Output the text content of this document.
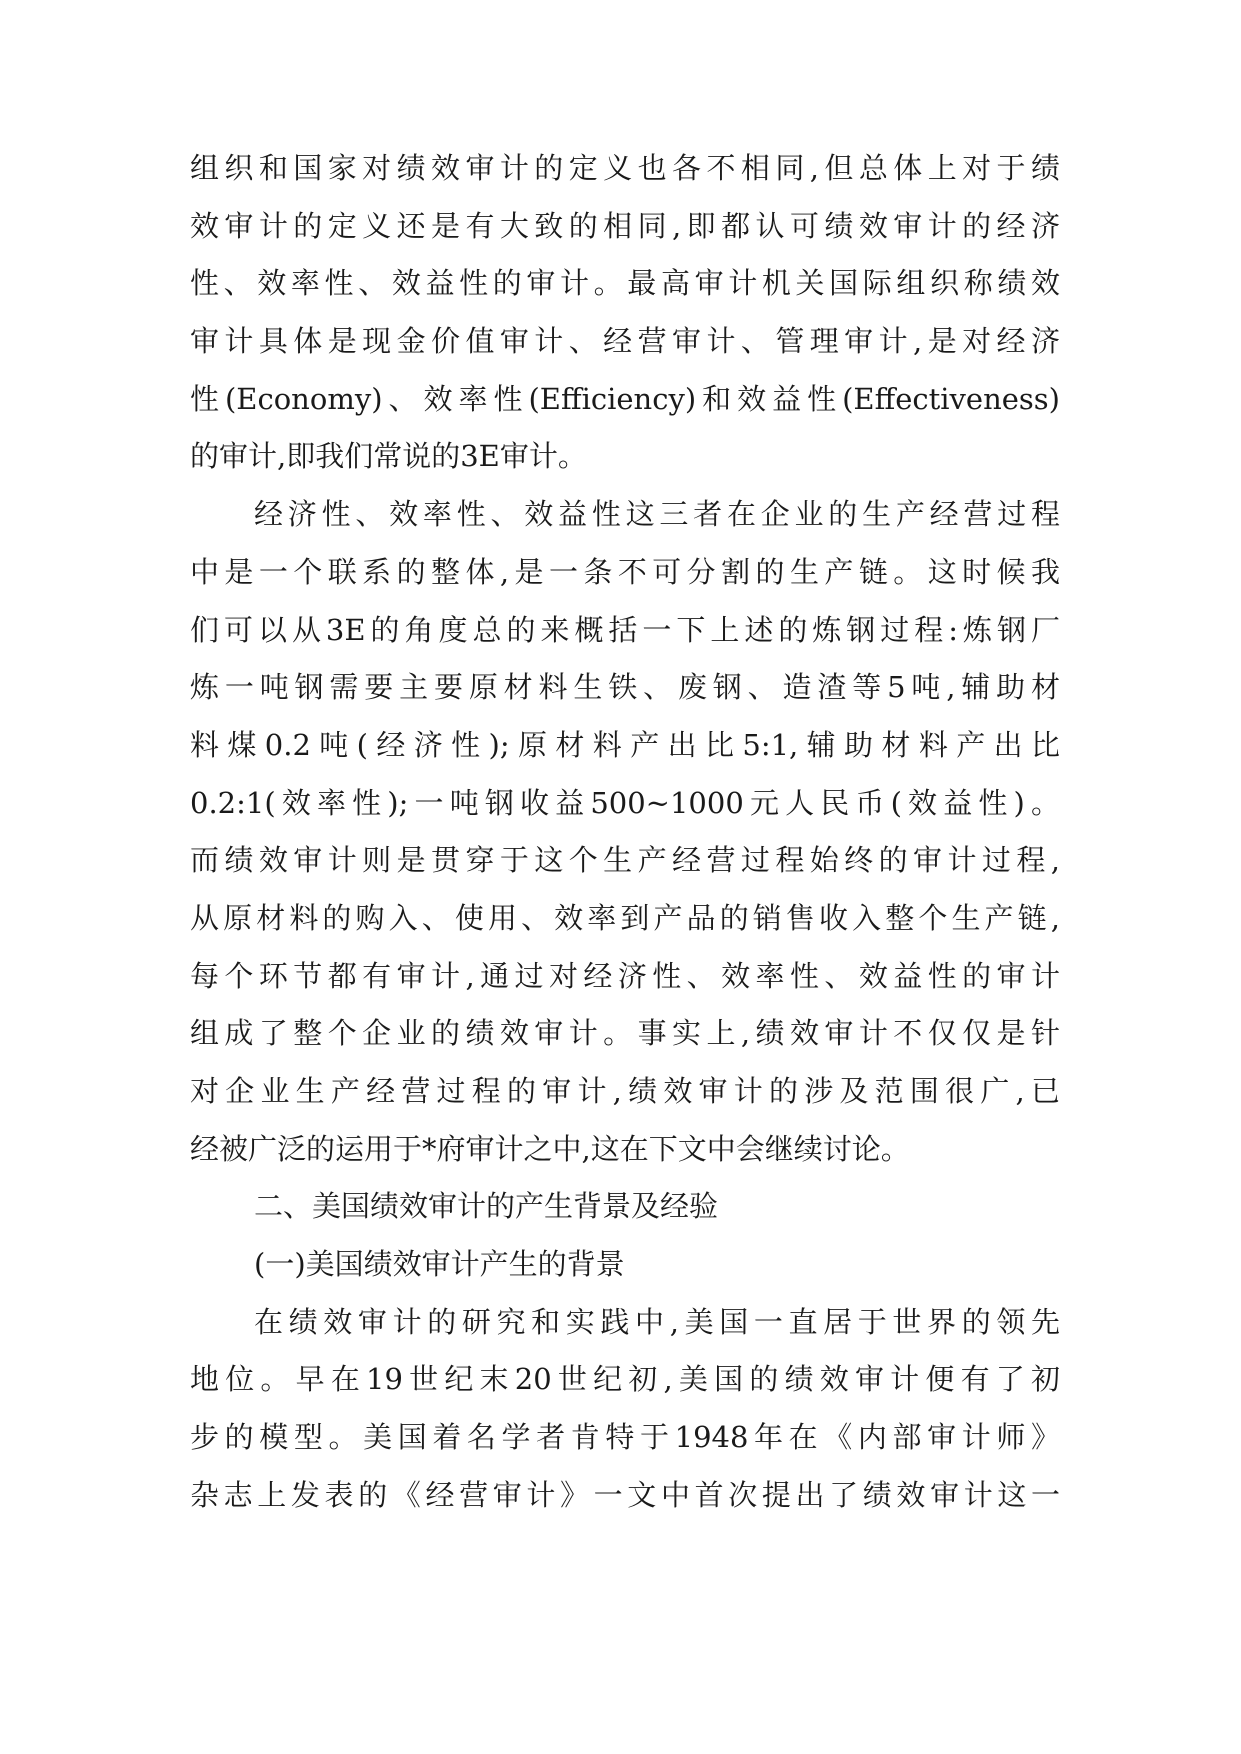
组织和国家对绩效审计的定义也各不相同,但总体上对于绩
效审计的定义还是有大致的相同,即都认可绩效审计的经济
性、效率性、效益性的审计。最高审计机关国际组织称绩效
审计具体是现金价值审计、经营审计、管理审计,是对经济
性(Economy)、效率性(Efficiency)和效益性(Effectiveness)
的审计,即我们常说的3E审计。
经济性、效率性、效益性这三者在企业的生产经营过程
中是一个联系的整体,是一条不可分割的生产链。这时候我
们可以从3E的角度总的来概括一下上述的炼钢过程:炼钢厂
炼一吨钢需要主要原材料生铁、废钢、造渣等5吨,辅助材
料煤0.2吨(经济性);原材料产出比5:1,辅助材料产出比
0.2:1(效率性);一吨钢收益500~1000元人民币(效益性)。
而绩效审计则是贯穿于这个生产经营过程始终的审计过程,
从原材料的购入、使用、效率到产品的销售收入整个生产链,
每个环节都有审计,通过对经济性、效率性、效益性的审计
组成了整个企业的绩效审计。事实上,绩效审计不仅仅是针
对企业生产经营过程的审计,绩效审计的涉及范围很广,已
经被广泛的运用于*府审计之中,这在下文中会继续讨论。
二、美国绩效审计的产生背景及经验
(一)美国绩效审计产生的背景
在绩效审计的研究和实践中,美国一直居于世界的领先
地位。早在19世纪末20世纪初,美国的绩效审计便有了初
步的模型。美国着名学者肯特于1948年在《内部审计师》
杂志上发表的《经营审计》一文中首次提出了绩效审计这一
